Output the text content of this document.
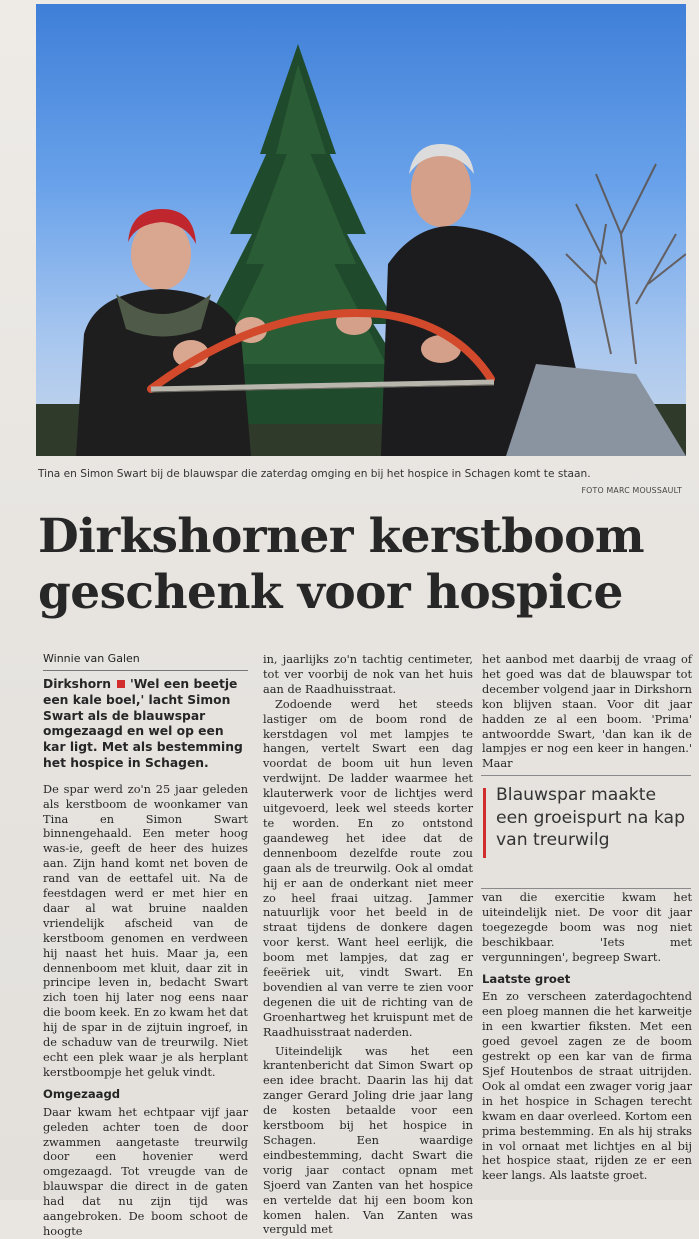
Tina en Simon Swart bij de blauwspar die zaterdag omging en bij het hospice in Schagen komt te staan.
FOTO MARC MOUSSAULT
Dirkshorner kerstboom
geschenk voor hospice
Winnie van Galen
Dirkshorn 'Wel een beetje een kale boel,' lacht Simon Swart als de blauwspar omgezaagd en wel op een kar ligt. Met als bestemming het hospice in Schagen.

De spar werd zo'n 25 jaar geleden als kerstboom de woonkamer van Tina en Simon Swart binnengehaald. Een meter hoog was-ie, geeft de heer des huizes aan. Zijn hand komt net boven de rand van de eettafel uit. Na de feestdagen werd er met hier en daar al wat bruine naalden vriendelijk afscheid van de kerstboom genomen en verdween hij naast het huis. Maar ja, een dennenboom met kluit, daar zit in principe leven in, bedacht Swart zich toen hij later nog eens naar die boom keek. En zo kwam het dat hij de spar in de zijtuin ingroef, in de schaduw van de treurwilg. Niet echt een plek waar je als herplant kerstboompje het geluk vindt.

Omgezaagd

Daar kwam het echtpaar vijf jaar geleden achter toen de door zwammen aangetaste treurwilg door een hovenier werd omgezaagd. Tot vreugde van de blauwspar die direct in de gaten had dat nu zijn tijd was aangebroken. De boom schoot de hoogte

in, jaarlijks zo'n tachtig centimeter, tot ver voorbij de nok van het huis aan de Raadhuisstraat.

Zodoende werd het steeds lastiger om de boom rond de kerstdagen vol met lampjes te hangen, vertelt Swart een dag voordat de boom uit hun leven verdwijnt. De ladder waarmee het klauterwerk voor de lichtjes werd uitgevoerd, leek wel steeds korter te worden. En zo ontstond gaandeweg het idee dat de dennenboom dezelfde route zou gaan als de treurwilg. Ook al omdat hij er aan de onderkant niet meer zo heel fraai uitzag. Jammer natuurlijk voor het beeld in de straat tijdens de donkere dagen voor kerst. Want heel eerlijk, die boom met lampjes, dat zag er feeëriek uit, vindt Swart. En bovendien al van verre te zien voor degenen die uit de richting van de Groenhartweg het kruispunt met de Raadhuisstraat naderden.

Uiteindelijk was het een krantenbericht dat Simon Swart op een idee bracht. Daarin las hij dat zanger Gerard Joling drie jaar lang de kosten betaalde voor een kerstboom bij het hospice in Schagen. Een waardige eindbestemming, dacht Swart die vorig jaar contact opnam met Sjoerd van Zanten van het hospice en vertelde dat hij een boom kon komen halen. Van Zanten was verguld met

het aanbod met daarbij de vraag of het goed was dat de blauwspar tot december volgend jaar in Dirkshorn kon blijven staan. Voor dit jaar hadden ze al een boom. 'Prima' antwoordde Swart, 'dan kan ik de lampjes er nog een keer in hangen.' Maar

Blauwspar maakte een groeispurt na kap van treurwilg

van die exercitie kwam het uiteindelijk niet. De voor dit jaar toegezegde boom was nog niet beschikbaar. 'Iets met vergunningen', begreep Swart.

Laatste groet

En zo verscheen zaterdagochtend een ploeg mannen die het karweitje in een kwartier fiksten. Met een goed gevoel zagen ze de boom gestrekt op een kar van de firma Sjef Houtenbos de straat uitrijden. Ook al omdat een zwager vorig jaar in het hospice in Schagen terecht kwam en daar overleed. Kortom een prima bestemming. En als hij straks in vol ornaat met lichtjes en al bij het hospice staat, rijden ze er een keer langs. Als laatste groet.
